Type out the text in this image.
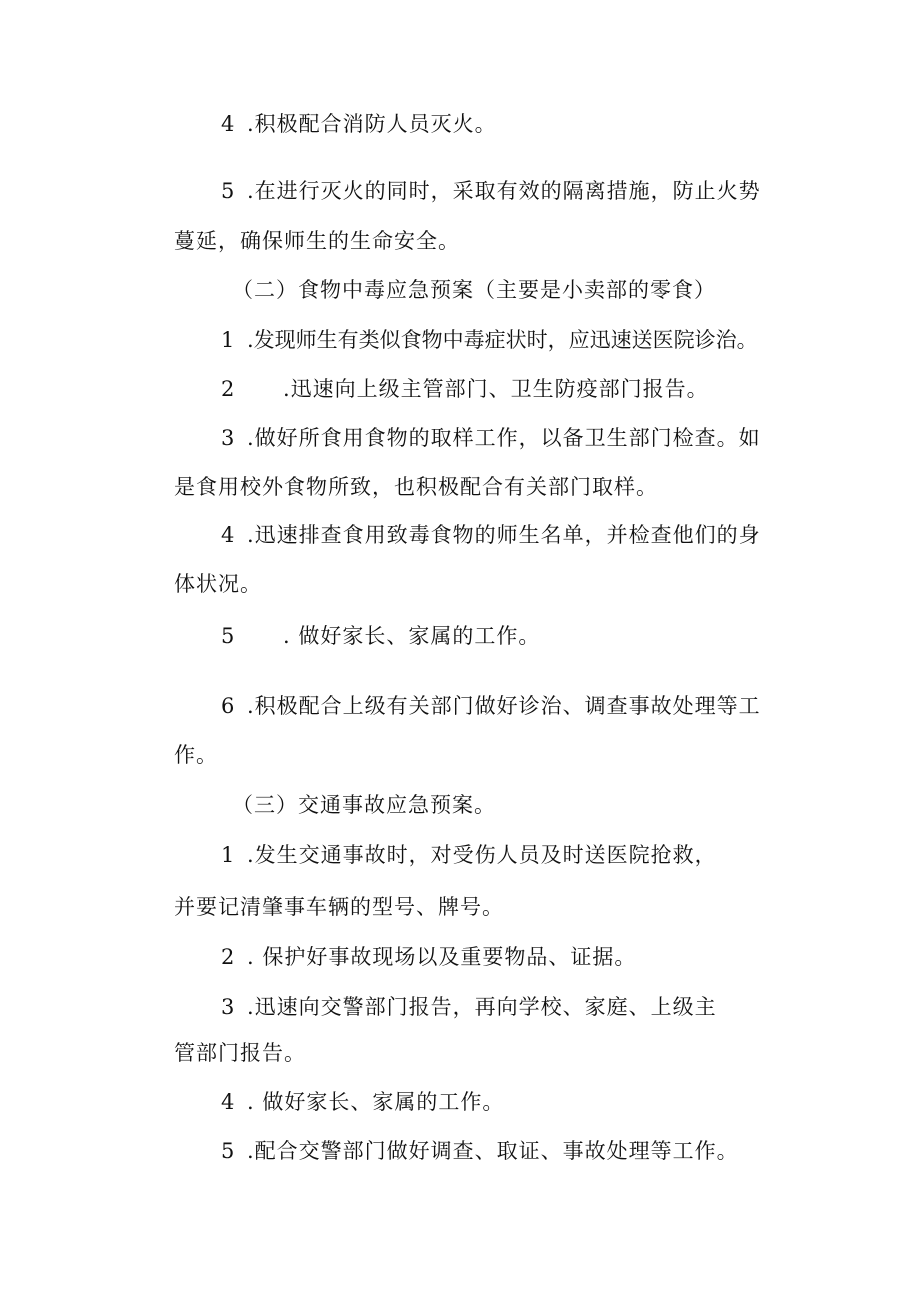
4 .积极配合消防人员灭火。
5 .在进行灭火的同时，采取有效的隔离措施，防止火势
蔓延，确保师生的生命安全。
（二）食物中毒应急预案（主要是小卖部的零食）
1 .发现师生有类似食物中毒症状时，应迅速送医院诊治。
2 .迅速向上级主管部门、卫生防疫部门报告。
3 .做好所食用食物的取样工作，以备卫生部门检查。如
是食用校外食物所致，也积极配合有关部门取样。
4 .迅速排查食用致毒食物的师生名单，并检查他们的身
体状况。
5 . 做好家长、家属的工作。
6 .积极配合上级有关部门做好诊治、调查事故处理等工
作。
（三）交通事故应急预案。
1 .发生交通事故时，对受伤人员及时送医院抢救，
并要记清肇事车辆的型号、牌号。
2 . 保护好事故现场以及重要物品、证据。
3 .迅速向交警部门报告，再向学校、家庭、上级主
管部门报告。
4 . 做好家长、家属的工作。
5 .配合交警部门做好调查、取证、事故处理等工作。
